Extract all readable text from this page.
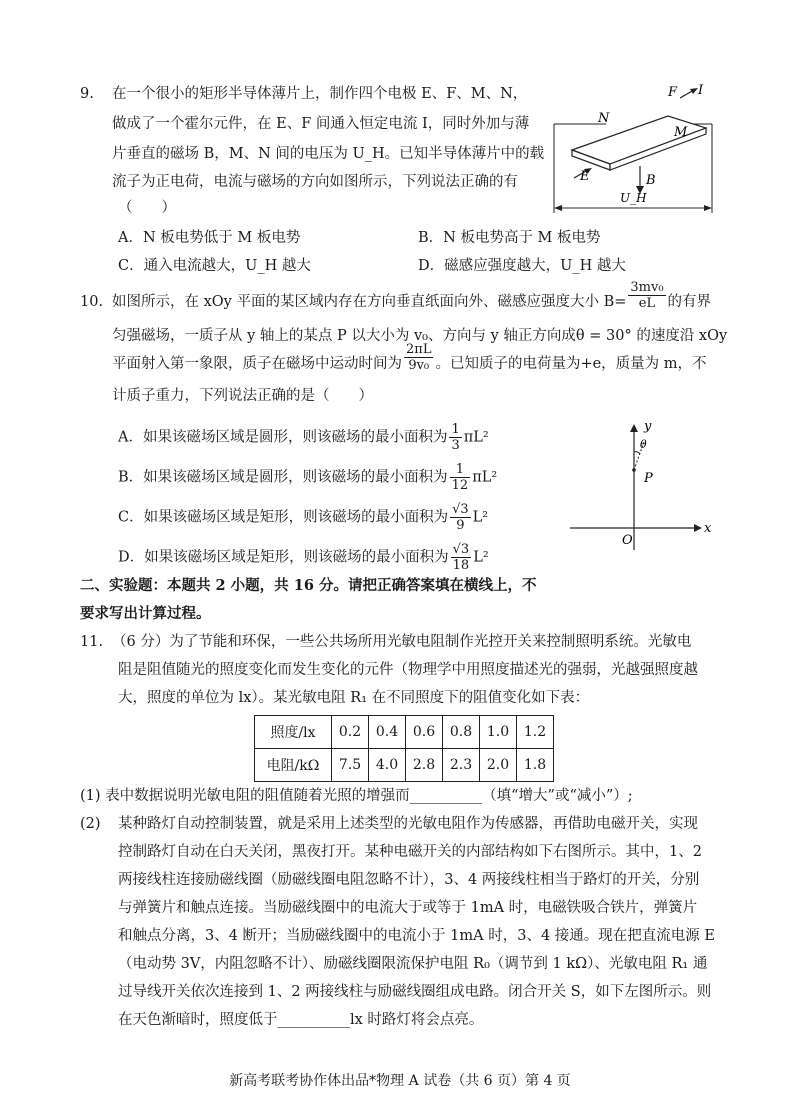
9. 在一个很小的矩形半导体薄片上，制作四个电极 E、F、M、N，
做成了一个霍尔元件，在 E、F 间通入恒定电流 I，同时外加与薄
片垂直的磁场 B，M、N 间的电压为 U_H。已知半导体薄片中的载
流子为正电荷，电流与磁场的方向如图所示，下列说法正确的有
（　　）
A．N 板电势低于 M 板电势	B．N 板电势高于 M 板电势
C．通入电流越大，U_H 越大	D．磁感应强度越大，U_H 越大
N
F I
M
E	B
U_H
10. 如图所示，在 xOy 平面的某区域内存在方向垂直纸面向外、磁感应强度大小 $B= \frac{\text{3mv₀}}{eL}$ 的有界
匀强磁场，一质子从 y 轴上的某点 P 以大小为 v₀、方向与 y 轴正方向成θ = 30° 的速度沿 xOy
平面射入第一象限，质子在磁场中运动时间为 $\frac{2\pi L}{\text{9v₀}}$ 。已知质子的电荷量为+e，质量为 m，不
计质子重力，下列说法正确的是（　　）
A．如果该磁场区域是圆形，则该磁场的最小面积为 $\frac{1}{3} \pi L^2$
B．如果该磁场区域是圆形，则该磁场的最小面积为 $\frac{1}{12} \pi L^2$
C．如果该磁场区域是矩形，则该磁场的最小面积为 $\frac{√3}{9} L^2$
D．如果该磁场区域是矩形，则该磁场的最小面积为 $\frac{√3}{18} L^2$
y
x
θ
P
O
二、实验题：本题共 2 小题，共 16 分。请把正确答案填在横线上，不
要求写出计算过程。
11. （6 分）为了节能和环保，一些公共场所用光敏电阻制作光控开关来控制照明系统。光敏电
阻是阻值随光的照度变化而发生变化的元件（物理学中用照度描述光的强弱，光越强照度越
大，照度的单位为 lx）。某光敏电阻 R₁ 在不同照度下的阻值变化如下表：
照度/lx	0.2	0.4	0.6	0.8	1.0	1.2
电阻/kΩ	7.5	4.0	2.8	2.3	2.0	1.8
(1) 表中数据说明光敏电阻的阻值随着光照的增强而__________（填“增大”或“减小”）;
(2) 某种路灯自动控制装置，就是采用上述类型的光敏电阻作为传感器，再借助电磁开关，实现
控制路灯自动在白天关闭，黑夜打开。某种电磁开关的内部结构如下右图所示。其中，1、2
两接线柱连接励磁线圈（励磁线圈电阻忽略不计），3、4 两接线柱相当于路灯的开关，分别
与弹簧片和触点连接。当励磁线圈中的电流大于或等于 1mA 时，电磁铁吸合铁片，弹簧片
和触点分离，3、4 断开；当励磁线圈中的电流小于 1mA 时，3、4 接通。现在把直流电源 E
（电动势 3V，内阻忽略不计）、励磁线圈限流保护电阻 R₀（调节到 1 kΩ）、光敏电阻 R₁ 通
过导线开关依次连接到 1、2 两接线柱与励磁线圈组成电路。闭合开关 S，如下左图所示。则
在天色渐暗时，照度低于__________lx 时路灯将会点亮。
新高考联考协作体出品*物理 A 试卷（共 6 页）第 4 页
